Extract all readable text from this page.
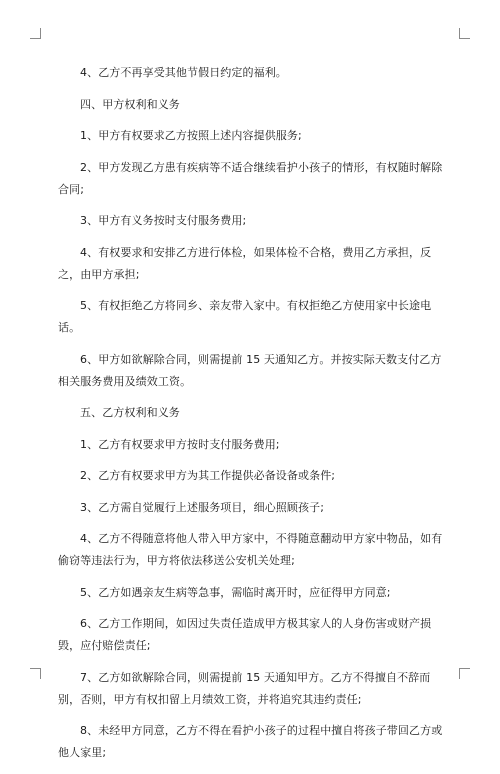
4、乙方不再享受其他节假日约定的福利。

四、甲方权利和义务

1、甲方有权要求乙方按照上述内容提供服务;

2、甲方发现乙方患有疾病等不适合继续看护小孩子的情形，有权随时解除合同;

3、甲方有义务按时支付服务费用;

4、有权要求和安排乙方进行体检，如果体检不合格，费用乙方承担，反之，由甲方承担;

5、有权拒绝乙方将同乡、亲友带入家中。有权拒绝乙方使用家中长途电话。

6、甲方如欲解除合同，则需提前 15 天通知乙方。并按实际天数支付乙方相关服务费用及绩效工资。

五、乙方权利和义务

1、乙方有权要求甲方按时支付服务费用;

2、乙方有权要求甲方为其工作提供必备设备或条件;

3、乙方需自觉履行上述服务项目，细心照顾孩子;

4、乙方不得随意将他人带入甲方家中，不得随意翻动甲方家中物品，如有偷窃等违法行为，甲方将依法移送公安机关处理;

5、乙方如遇亲友生病等急事，需临时离开时，应征得甲方同意;

6、乙方工作期间，如因过失责任造成甲方极其家人的人身伤害或财产损毁，应付赔偿责任;

7、乙方如欲解除合同，则需提前 15 天通知甲方。乙方不得擅自不辞而别，否则，甲方有权扣留上月绩效工资，并将追究其违约责任;

8、未经甲方同意，乙方不得在看护小孩子的过程中擅自将孩子带回乙方或他人家里;
